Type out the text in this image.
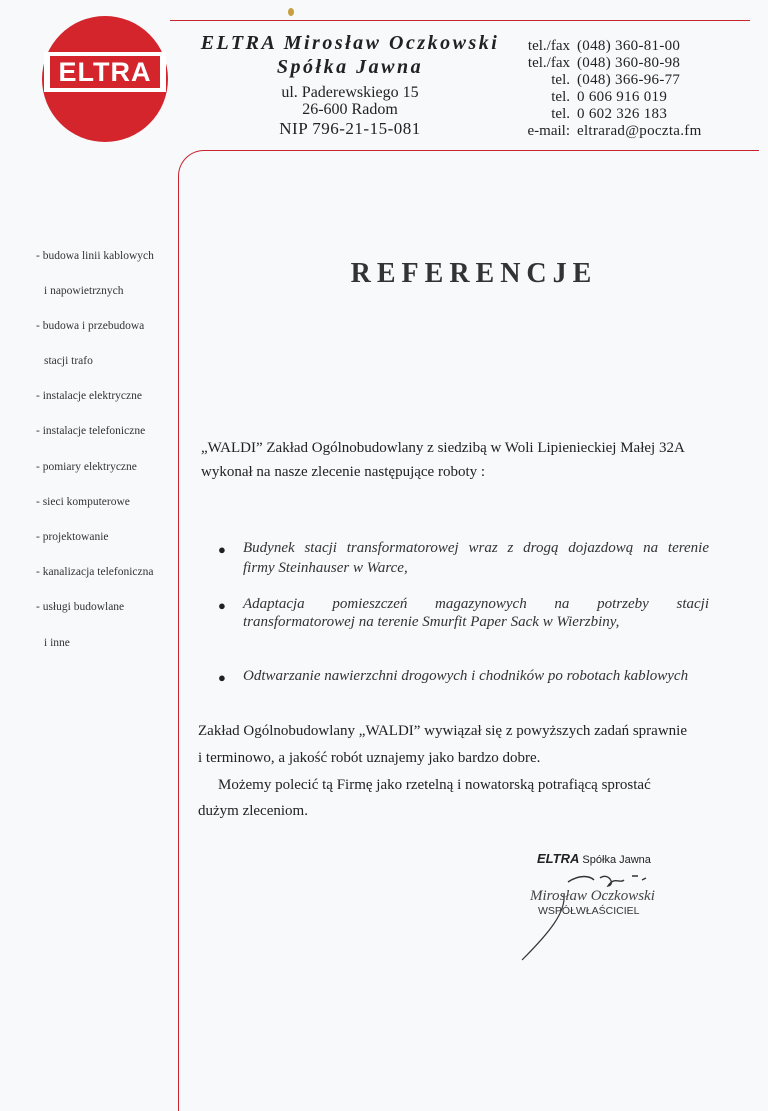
ELTRA
ELTRA Mirosław Oczkowski
Spółka Jawna
ul. Paderewskiego 15
26-600 Radom
NIP 796-21-15-081
tel./fax (048) 360-81-00
tel./fax (048) 360-80-98
tel. (048) 366-96-77
tel. 0 606 916 019
tel. 0 602 326 183
e-mail: eltrarad@poczta.fm
- budowa linii kablowych
i napowietrznych
- budowa i przebudowa
stacji trafo
- instalacje elektryczne
- instalacje telefoniczne
- pomiary elektryczne
- sieci komputerowe
- projektowanie
- kanalizacja telefoniczna
- usługi budowlane
i inne
REFERENCJE
„WALDI” Zakład Ogólnobudowlany z siedzibą w Woli Lipienieckiej Małej 32A
wykonał na nasze zlecenie następujące roboty :
● Budynek stacji transformatorowej wraz z drogą dojazdową na terenie
firmy Steinhauser w Warce,
● Adaptacja pomieszczeń magazynowych na potrzeby stacji
transformatorowej na terenie Smurfit Paper Sack w Wierzbiny,
● Odtwarzanie nawierzchni drogowych i chodników po robotach kablowych
Zakład Ogólnobudowlany „WALDI” wywiązał się z powyższych zadań sprawnie
i terminowo, a jakość robót uznajemy jako bardzo dobre.
Możemy polecić tą Firmę jako rzetelną i nowatorską potrafiącą sprostać
dużym zleceniom.
ELTRA Spółka Jawna
Mirosław Oczkowski
WSPÓŁWŁAŚCICIEL
